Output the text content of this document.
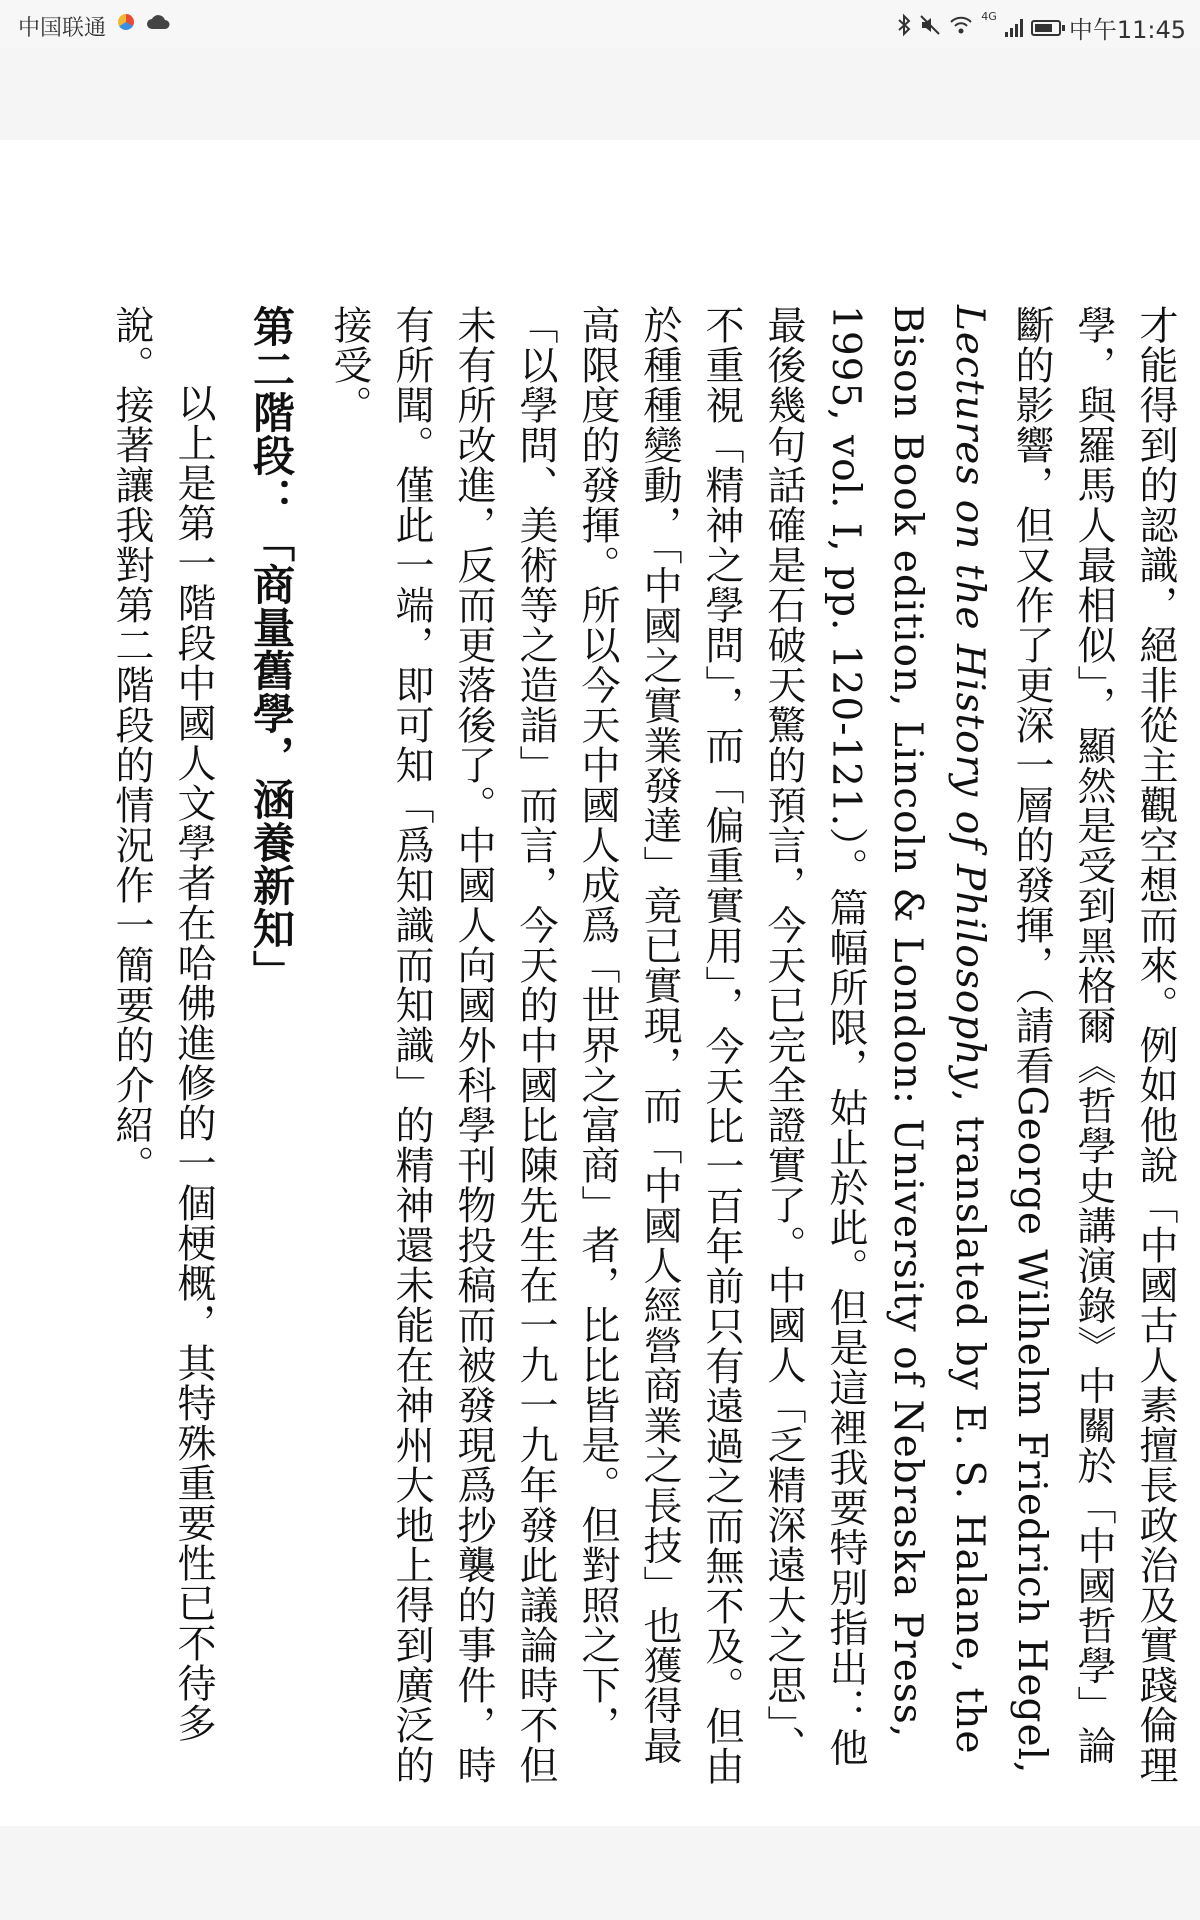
中国联通	4G	中午11:45

才能得到的認識，絕非從主觀空想而來。例如他說「中國古人素擅長政治及實踐倫理學，與羅馬人最相似」，顯然是受到黑格爾《哲學史講演錄》中關於「中國哲學」論斷的影響，但又作了更深一層的發揮，（請看George Wilhelm Friedrich Hegel, Lectures on the History of Philosophy, translated by E. S. Halane, the Bison Book edition, Lincoln & London: University of Nebraska Press, 1995, vol. I, pp. 120-121.）。篇幅所限，姑止於此。但是這裡我要特別指出：他最後幾句話確是石破天驚的預言，今天已完全證實了。中國人「乏精深遠大之思」、不重視「精神之學問」，而「偏重實用」，今天比一百年前只有遠過之而無不及。但由於種種變動，「中國之實業發達」竟已實現，而「中國人經營商業之長技」也獲得最高限度的發揮。所以今天中國人成爲「世界之富商」者，比比皆是。但對照之下，「以學問、美術等之造詣」而言，今天的中國比陳先生在一九一九年發此議論時不但未有所改進，反而更落後了。中國人向國外科學刊物投稿而被發現爲抄襲的事件，時有所聞。僅此一端，即可知「爲知識而知識」的精神還未能在神州大地上得到廣泛的接受。

第二階段：「商量舊學，涵養新知」

以上是第一階段中國人文學者在哈佛進修的一個梗概，其特殊重要性已不待多說。接著讓我對第二階段的情況作一簡要的介紹。
